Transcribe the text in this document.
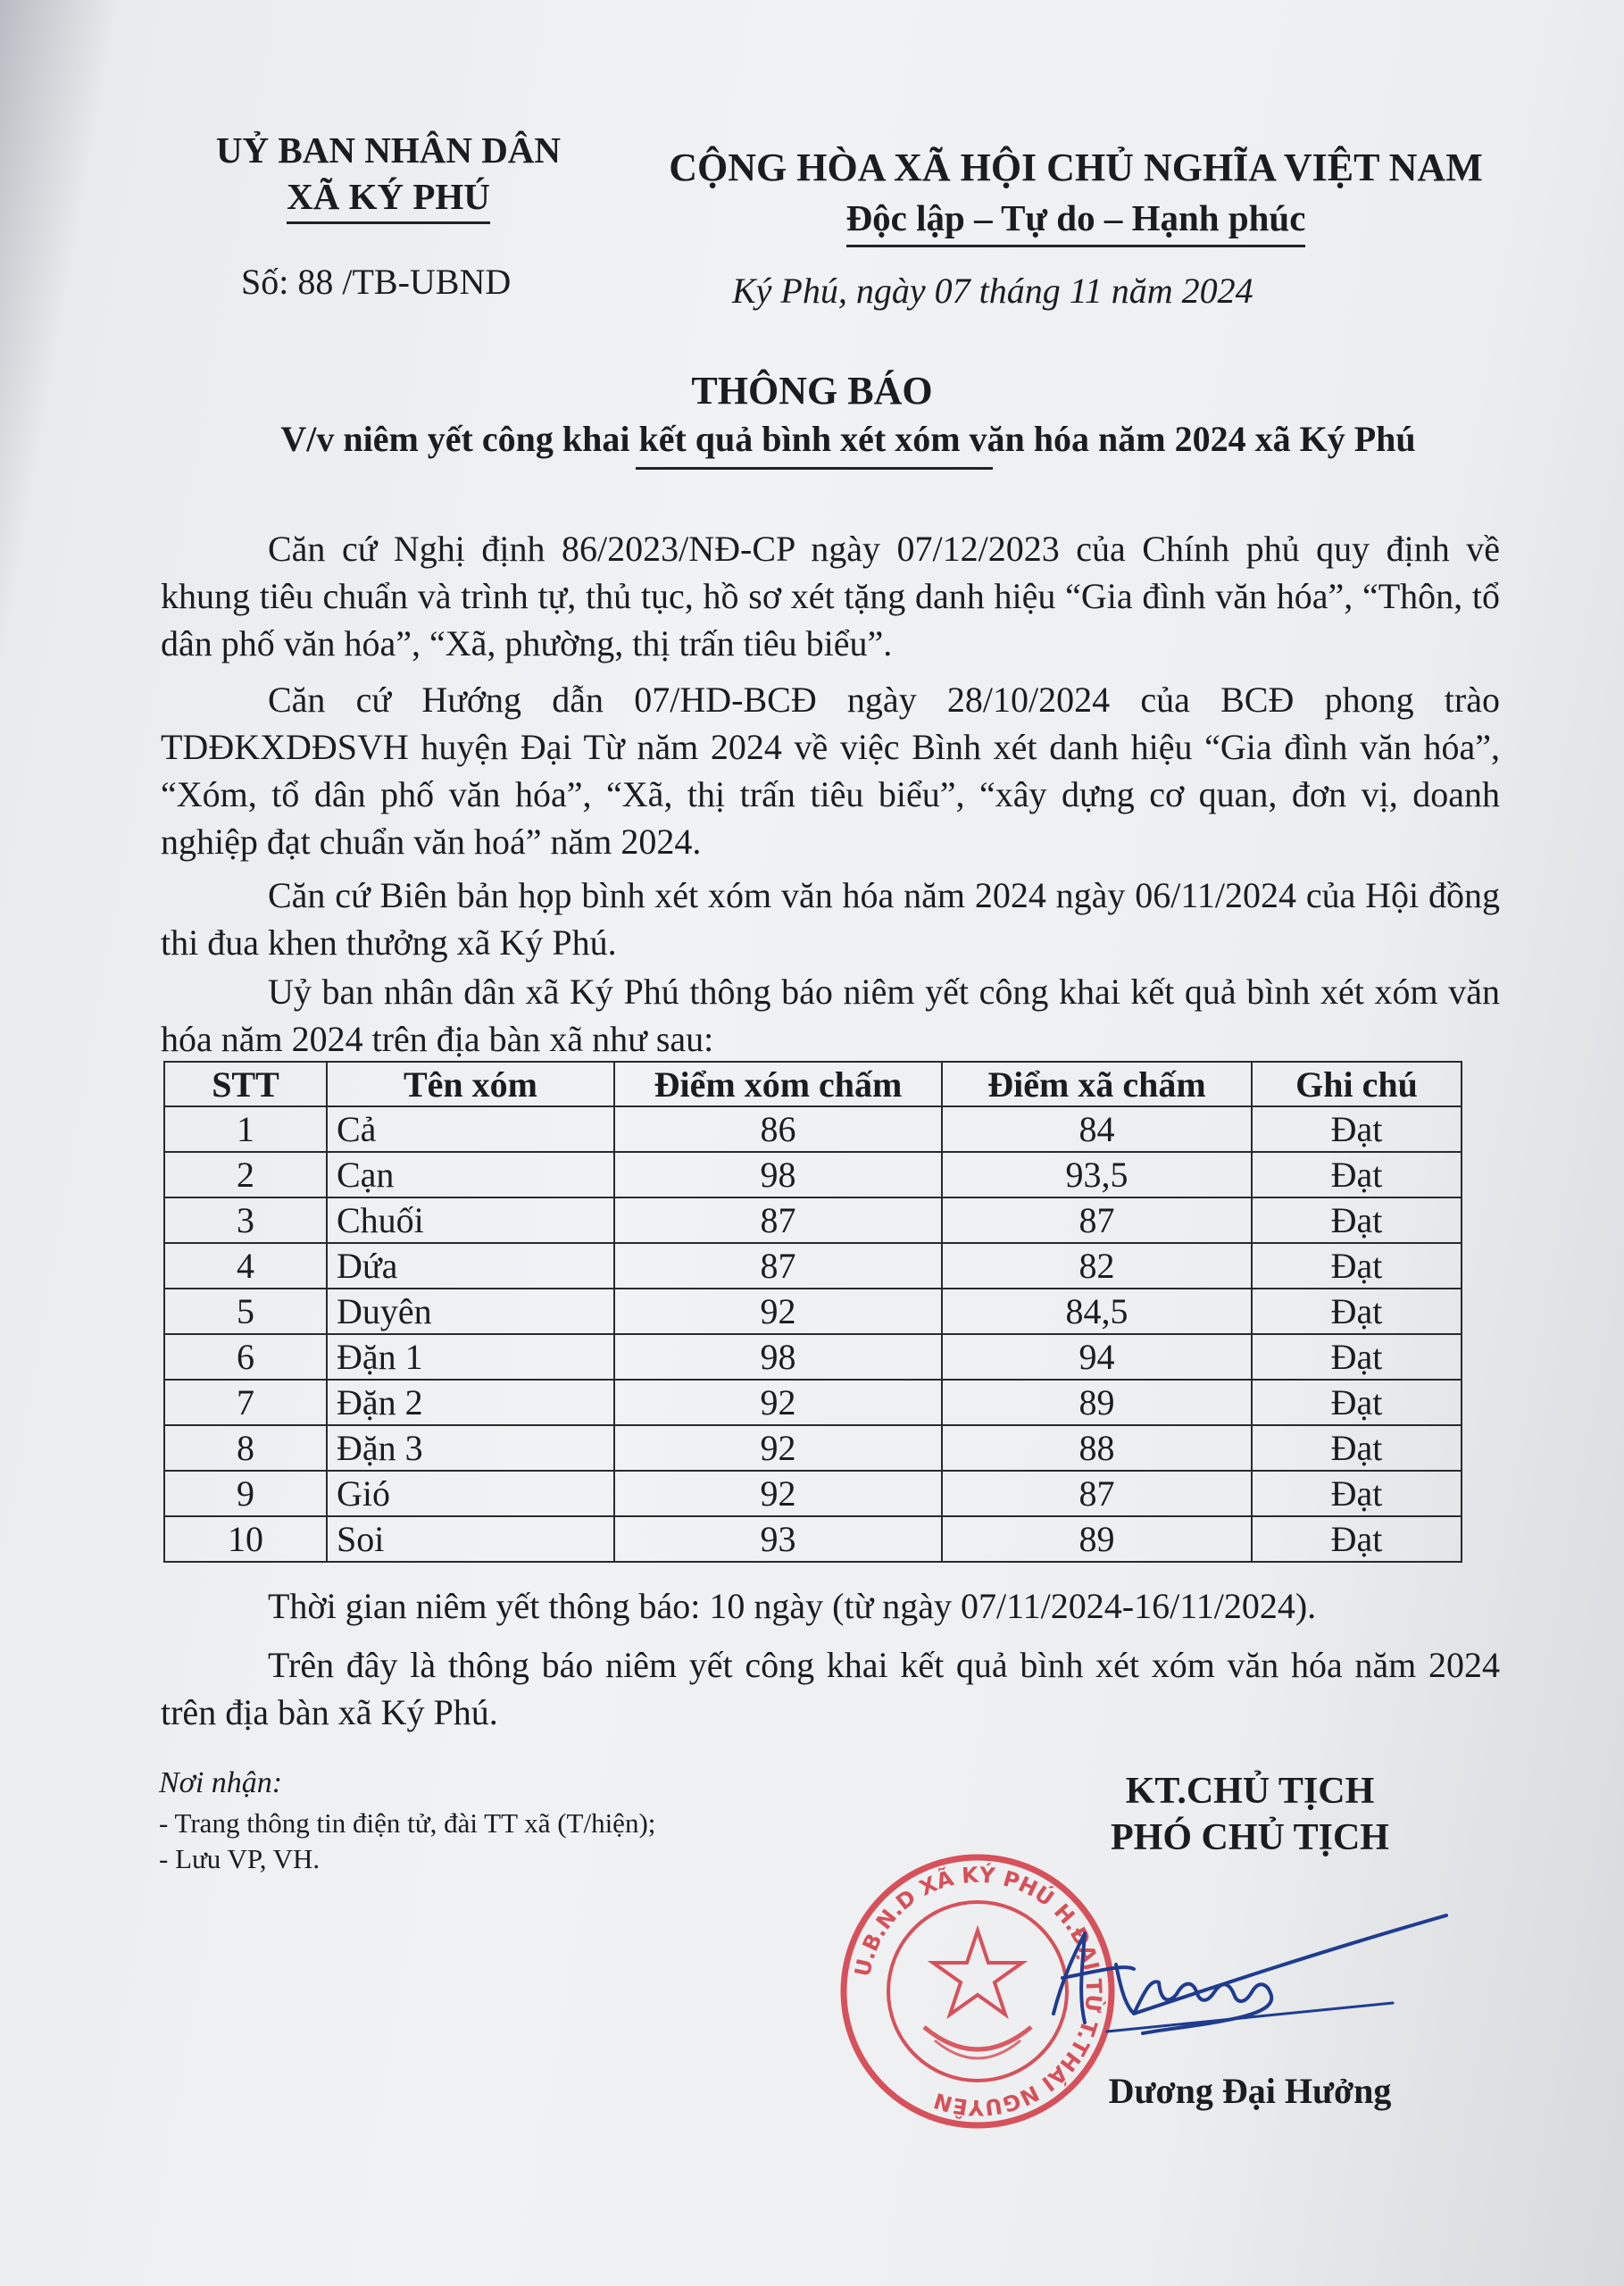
UỶ BAN NHÂN DÂN
XÃ KÝ PHÚ
CỘNG HÒA XÃ HỘI CHỦ NGHĨA VIỆT NAM
Độc lập – Tự do – Hạnh phúc
Số: 88 /TB-UBND	Ký Phú, ngày 07 tháng 11 năm 2024
THÔNG BÁO
V/v niêm yết công khai kết quả bình xét xóm văn hóa năm 2024 xã Ký Phú
Căn cứ Nghị định 86/2023/NĐ-CP ngày 07/12/2023 của Chính phủ quy định về khung tiêu chuẩn và trình tự, thủ tục, hồ sơ xét tặng danh hiệu “Gia đình văn hóa”, “Thôn, tổ dân phố văn hóa”, “Xã, phường, thị trấn tiêu biểu”.
Căn cứ Hướng dẫn 07/HD-BCĐ ngày 28/10/2024 của BCĐ phong trào TDĐKXDĐSVH huyện Đại Từ năm 2024 về việc Bình xét danh hiệu “Gia đình văn hóa”, “Xóm, tổ dân phố văn hóa”, “Xã, thị trấn tiêu biểu”, “xây dựng cơ quan, đơn vị, doanh nghiệp đạt chuẩn văn hoá” năm 2024.
Căn cứ Biên bản họp bình xét xóm văn hóa năm 2024 ngày 06/11/2024 của Hội đồng thi đua khen thưởng xã Ký Phú.
Uỷ ban nhân dân xã Ký Phú thông báo niêm yết công khai kết quả bình xét xóm văn hóa năm 2024 trên địa bàn xã như sau:
STT	Tên xóm	Điểm xóm chấm	Điểm xã chấm	Ghi chú
1	Cả	86	84	Đạt
2	Cạn	98	93,5	Đạt
3	Chuối	87	87	Đạt
4	Dứa	87	82	Đạt
5	Duyên	92	84,5	Đạt
6	Đặn 1	98	94	Đạt
7	Đặn 2	92	89	Đạt
8	Đặn 3	92	88	Đạt
9	Gió	92	87	Đạt
10	Soi	93	89	Đạt
Thời gian niêm yết thông báo: 10 ngày (từ ngày 07/11/2024-16/11/2024).
Trên đây là thông báo niêm yết công khai kết quả bình xét xóm văn hóa năm 2024 trên địa bàn xã Ký Phú.
Nơi nhận:
- Trang thông tin điện tử, đài TT xã (T/hiện);
- Lưu VP, VH.
U.B.N.D XÃ KÝ PHÚ H.ĐẠI TỪ T.THÁI NGUYÊN
KT.CHỦ TỊCH
PHÓ CHỦ TỊCH
Dương Đại Hưởng
